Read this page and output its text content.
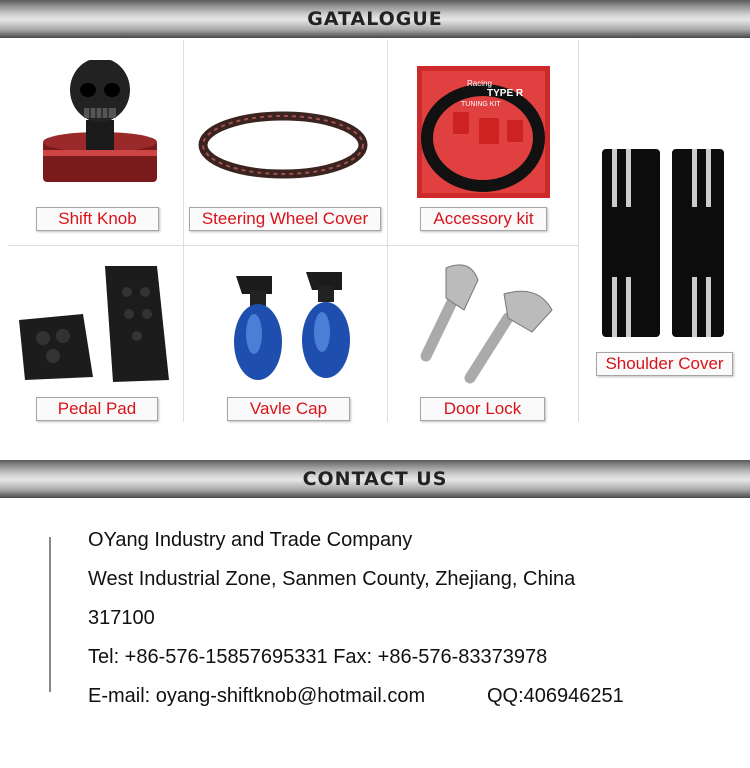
GATALOGUE
Shift Knob	Steering Wheel Cover
Racing
TYPE R
TUNING KIT
Accessory kit
Shoulder Cover
Pedal Pad	Vavle Cap	Door Lock
CONTACT US
OYang Industry and Trade Company
West Industrial Zone, Sanmen County, Zhejiang, China
317100
Tel: +86-576-15857695331 Fax: +86-576-83373978
E-mail: oyang-shiftknob@hotmail.com	QQ:406946251
